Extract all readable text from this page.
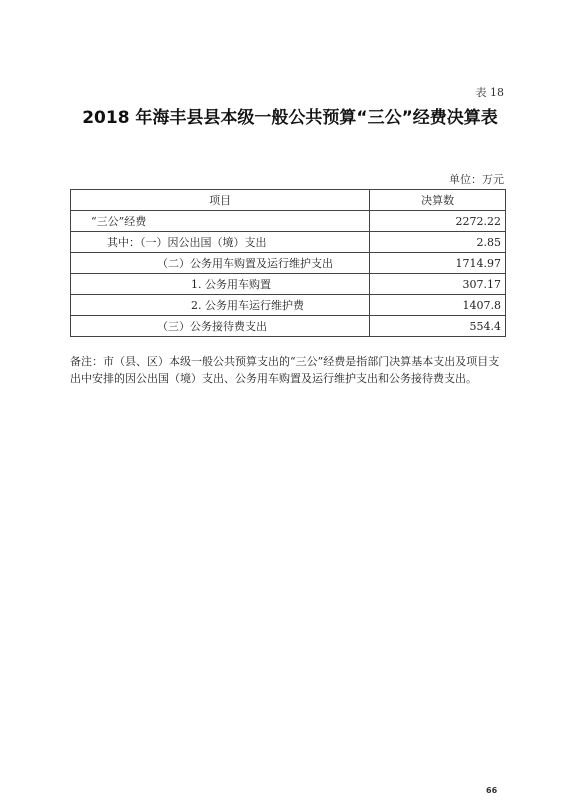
表 18
2018 年海丰县县本级一般公共预算“三公”经费决算表
单位：万元
项目	决算数
“三公”经费	2272.22
其中：（一）因公出国（境）支出	2.85
（二）公务用车购置及运行维护支出	1714.97
1. 公务用车购置	307.17
2. 公务用车运行维护费	1407.8
（三）公务接待费支出	554.4
备注：市（县、区）本级一般公共预算支出的“三公”经费是指部门决算基本支出及项目支出中安排的因公出国（境）支出、公务用车购置及运行维护支出和公务接待费支出。
66
